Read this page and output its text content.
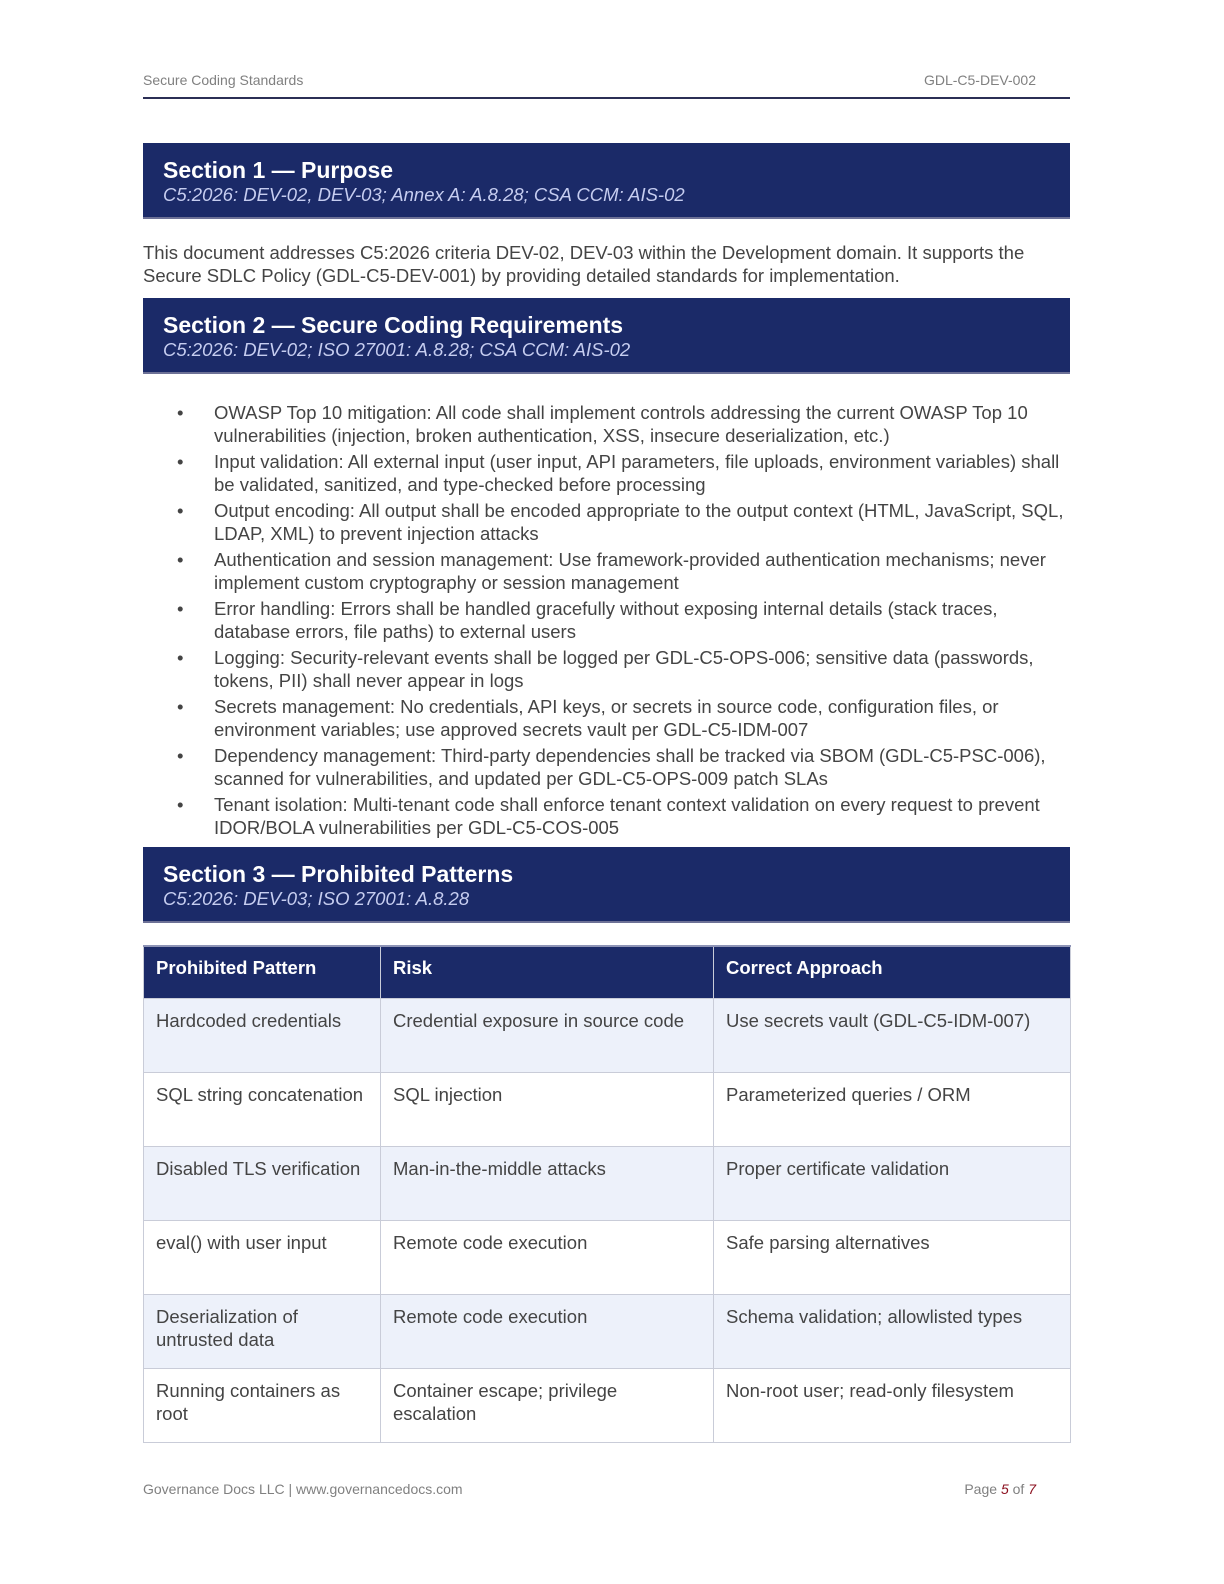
Secure Coding Standards	GDL-C5-DEV-002
Section 1 — Purpose
C5:2026: DEV-02, DEV-03; Annex A: A.8.28; CSA CCM: AIS-02
This document addresses C5:2026 criteria DEV-02, DEV-03 within the Development domain. It supports the Secure SDLC Policy (GDL-C5-DEV-001) by providing detailed standards for implementation.
Section 2 — Secure Coding Requirements
C5:2026: DEV-02; ISO 27001: A.8.28; CSA CCM: AIS-02
• OWASP Top 10 mitigation: All code shall implement controls addressing the current OWASP Top 10 vulnerabilities (injection, broken authentication, XSS, insecure deserialization, etc.)
• Input validation: All external input (user input, API parameters, file uploads, environment variables) shall be validated, sanitized, and type-checked before processing
• Output encoding: All output shall be encoded appropriate to the output context (HTML, JavaScript, SQL, LDAP, XML) to prevent injection attacks
• Authentication and session management: Use framework-provided authentication mechanisms; never implement custom cryptography or session management
• Error handling: Errors shall be handled gracefully without exposing internal details (stack traces, database errors, file paths) to external users
• Logging: Security-relevant events shall be logged per GDL-C5-OPS-006; sensitive data (passwords, tokens, PII) shall never appear in logs
• Secrets management: No credentials, API keys, or secrets in source code, configuration files, or environment variables; use approved secrets vault per GDL-C5-IDM-007
• Dependency management: Third-party dependencies shall be tracked via SBOM (GDL-C5-PSC-006), scanned for vulnerabilities, and updated per GDL-C5-OPS-009 patch SLAs
• Tenant isolation: Multi-tenant code shall enforce tenant context validation on every request to prevent IDOR/BOLA vulnerabilities per GDL-C5-COS-005
Section 3 — Prohibited Patterns
C5:2026: DEV-03; ISO 27001: A.8.28
Prohibited Pattern	Risk	Correct Approach
Hardcoded credentials	Credential exposure in source code	Use secrets vault (GDL-C5-IDM-007)
SQL string concatenation	SQL injection	Parameterized queries / ORM
Disabled TLS verification	Man-in-the-middle attacks	Proper certificate validation
eval() with user input	Remote code execution	Safe parsing alternatives
Deserialization of untrusted data	Remote code execution	Schema validation; allowlisted types
Running containers as root	Container escape; privilege escalation	Non-root user; read-only filesystem
Governance Docs LLC | www.governancedocs.com	Page 5 of 7
